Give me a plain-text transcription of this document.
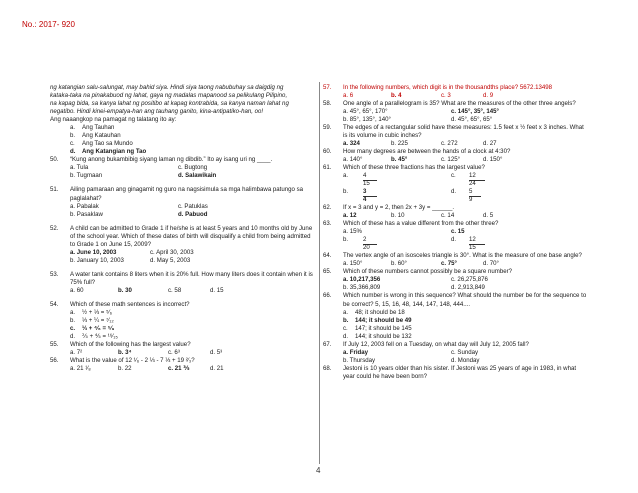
No.: 2017- 920
ng katangian salu-salungat, may bahid siya. Hindi siya taong nabubuhay sa daigdig ng
kataka-taka na pinakabuod ng lahat, gaya ng madalas mapanood sa pelikulang Pilipino,
na kapag bida, sa kanya lahat ng positibo at kapag kontrabida, sa kanya naman lahat ng
negatibo. Hindi kinei-empatya-han ang tauhang ganito, kina-antipatiko-han, oo!
Ang naaangkop na pamagat ng talatang ito ay:
a.	Ang Tauhan
b.	Ang Katauhan
c.	Ang Tao sa Mundo
d.	Ang Katangian ng Tao
50.	“Kung anong bukambibig siyang laman ng dibdib.” Ito ay isang uri ng ____.
a. Tula	c. Bugtong
b. Tugmaan	d. Salawikain
51.	Ailing pamaraan ang ginagamit ng guro na nagsisimula sa mga halimbawa patungo sa
paglalahat?
a. Pabalak	c. Patuklas
b. Pasaklaw	d. Pabuod
52.	A child can be admitted to Grade 1 if he/she is at least 5 years and 10 months old by June
of the school year. Which of these dates of birth will disqualify a child from being admitted
to Grade 1 on June 15, 2009?
a. June 10, 2003	c. April 30, 2003
b. January 10, 2003	d. May 5, 2003
53.	A water tank contains 8 liters when it is 20% full. How many liters does it contain when it is
75% full?
a. 60	b. 30	c. 58	d. 15
54.	Which of these math sentences is incorrect?
a.	½ + ⅓ = ⁵⁄₆
b.	⅓ + ¼ = ⁷⁄₁₂
c.	⅓ + ⁴⁄₆ = ⁵⁄₉
d.	⅖ + ⅘ = ¹⁶⁄₁₅
55.	Which of the following has the largest value?
a. 7²	b. 3⁴	c. 6³	d. 5³
56.	What is the value of 12 ¹⁄₆ - 2 ⅓ - 7 ⅓ + 19 ²⁄₃?
a. 21 ¹⁄₈	b. 22	c. 21 ⅗	d. 21
57.	In the following numbers, which digit is in the thousandths place? 5672.13498
a. 6	b. 4	c. 3	d. 9
58.	One angle of a parallelogram is 35? What are the measures of the other three angels?
a. 45°, 65°, 170°	c. 145°, 35°, 145°
b. 85°, 135°, 140°	d. 45°, 65°, 65°
59.	The edges of a rectangular solid have these measures: 1.5 feet x ½ feet x 3 inches. What
is its volume in cubic inches?
a. 324	b. 225	c. 272	d. 27
60.	How many degrees are between the hands of a clock at 4:30?
a. 140°	b. 45°	c. 125°	d. 150°
61.	Which of these three fractions has the largest value?
a. 4	c. 12
15	24
b. 3	d. 5
4	9
62.	If x = 3 and y = 2, then 2x + 3y = ______.
a. 12	b. 10	c. 14	d. 5
63.	Which of these has a value different from the other three?
a. 15%	c. 15
b. 2	d. 12
20	15
64.	The vertex angle of an isosceles triangle is 30°. What is the measure of one base angle?
a. 150°	b. 60°	c. 75°	d. 70°
65.	Which of these numbers cannot possibly be a square number?
a. 10,217,356	c. 26,275,876
b. 35,366,809	d. 2,913,849
66.	Which number is wrong in this sequence? What should the number be for the sequence to
be correct? 5, 15, 16, 48, 144, 147, 148, 444....
a.	48; it should be 18
b.	144; it should be 49
c.	147; it should be 145
d.	144; it should be 132
67.	If July 12, 2003 fell on a Tuesday, on what day will July 12, 2005 fall?
a. Friday	c. Sunday
b. Thursday	d. Monday
68.	Jestoni is 10 years older than his sister. If Jestoni was 25 years of age in 1983, in what
year could he have been born?
4
